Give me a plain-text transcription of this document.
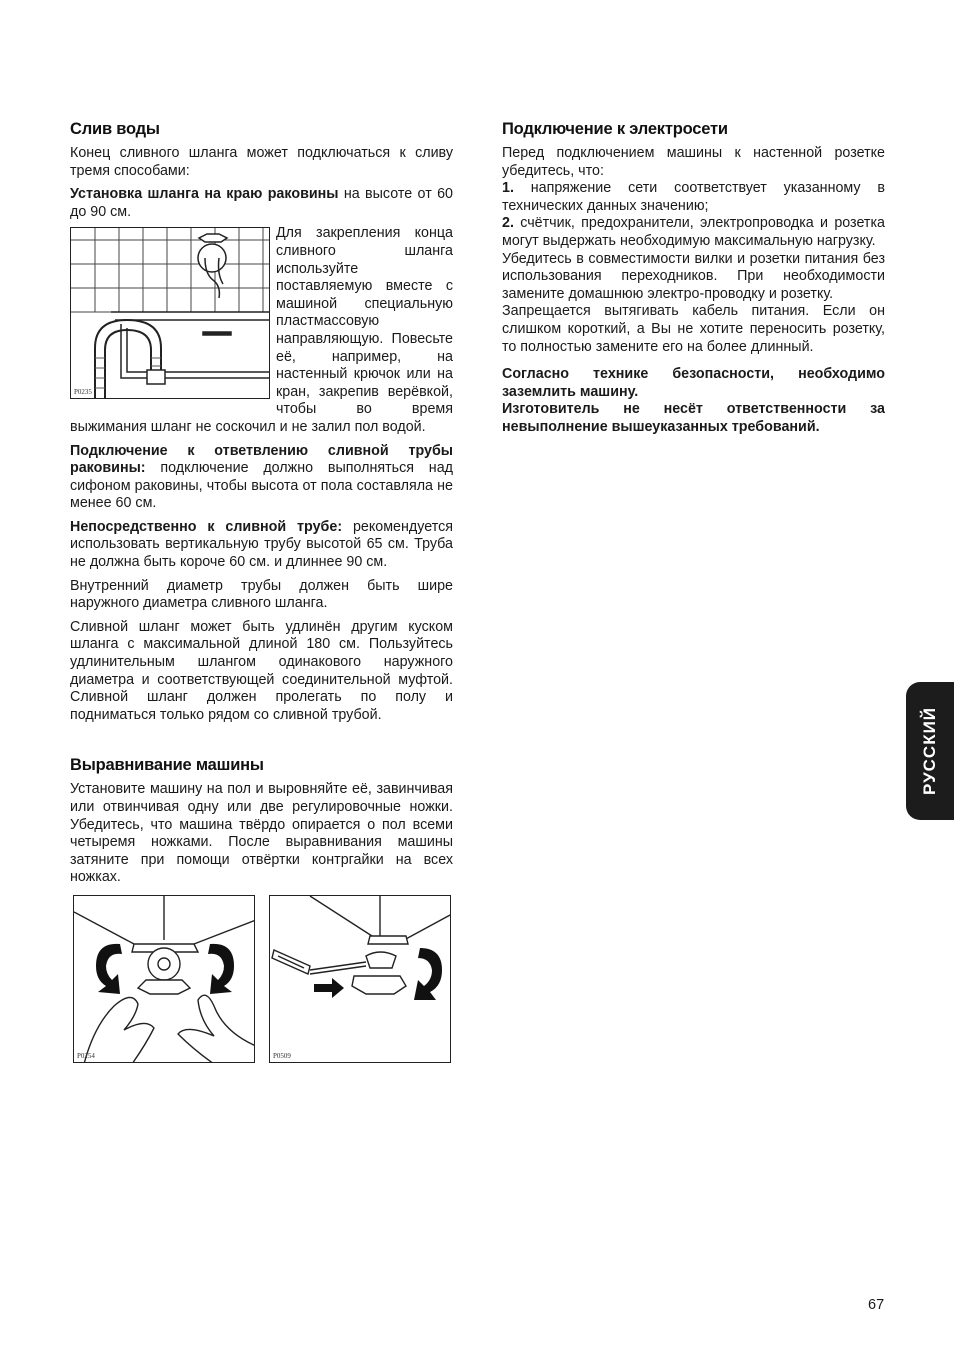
Слив воды

Конец сливного шланга может подключаться к сливу тремя способами:

Установка шланга на краю раковины на высоте от 60 до 90 см.

P0235

Для закрепления конца сливного шланга используйте поставляемую вместе с машиной специальную пластмассовую направляющую. Повесьте её, например, на настенный крючок или на кран, закрепив верёвкой, чтобы во время выжимания шланг не соскочил и не залил пол водой.

Подключение к ответвлению сливной трубы раковины: подключение должно выполняться над сифоном раковины, чтобы высота от пола составляла не менее 60 см.

Непосредственно к сливной трубе: рекомендуется использовать вертикальную трубу высотой 65 см. Труба не должна быть короче 60 см. и длиннее 90 см.

Внутренний диаметр трубы должен быть шире наружного диаметра сливного шланга.

Сливной шланг может быть удлинён другим куском шланга с максимальной длиной 180 см. Пользуйтесь удлинительным шлангом одинакового наружного диаметра и соответствующей соединительной муфтой. Сливной шланг должен пролегать по полу и подниматься только рядом со сливной трубой.

Выравнивание машины

Установите машину на пол и выровняйте её, завинчивая или отвинчивая одну или две регулировочные ножки. Убедитесь, что машина твёрдо опирается о пол всеми четыремя ножками. После выравнивания машины затяните при помощи отвёртки контргайки на всех ножках.

P0254	P0509
Подключение к электросети

Перед подключением машины к настенной розетке убедитесь, что:

1. напряжение сети соответствует указанному в технических данных значению;

2. счётчик, предохранители, электропроводка и розетка могут выдержать необходимую максимальную нагрузку.

Убедитесь в совместимости вилки и розетки питания без использования переходников. При необходимости замените домашнюю электро-проводку и розетку.

Запрещается вытягивать кабель питания. Если он слишком короткий, а Вы не хотите переносить розетку, то полностью замените его на более длинный.

Согласно технике безопасности, необходимо заземлить машину.

Изготовитель не несёт ответственности за невыполнение вышеуказанных требований.

РУССКИЙ
67
